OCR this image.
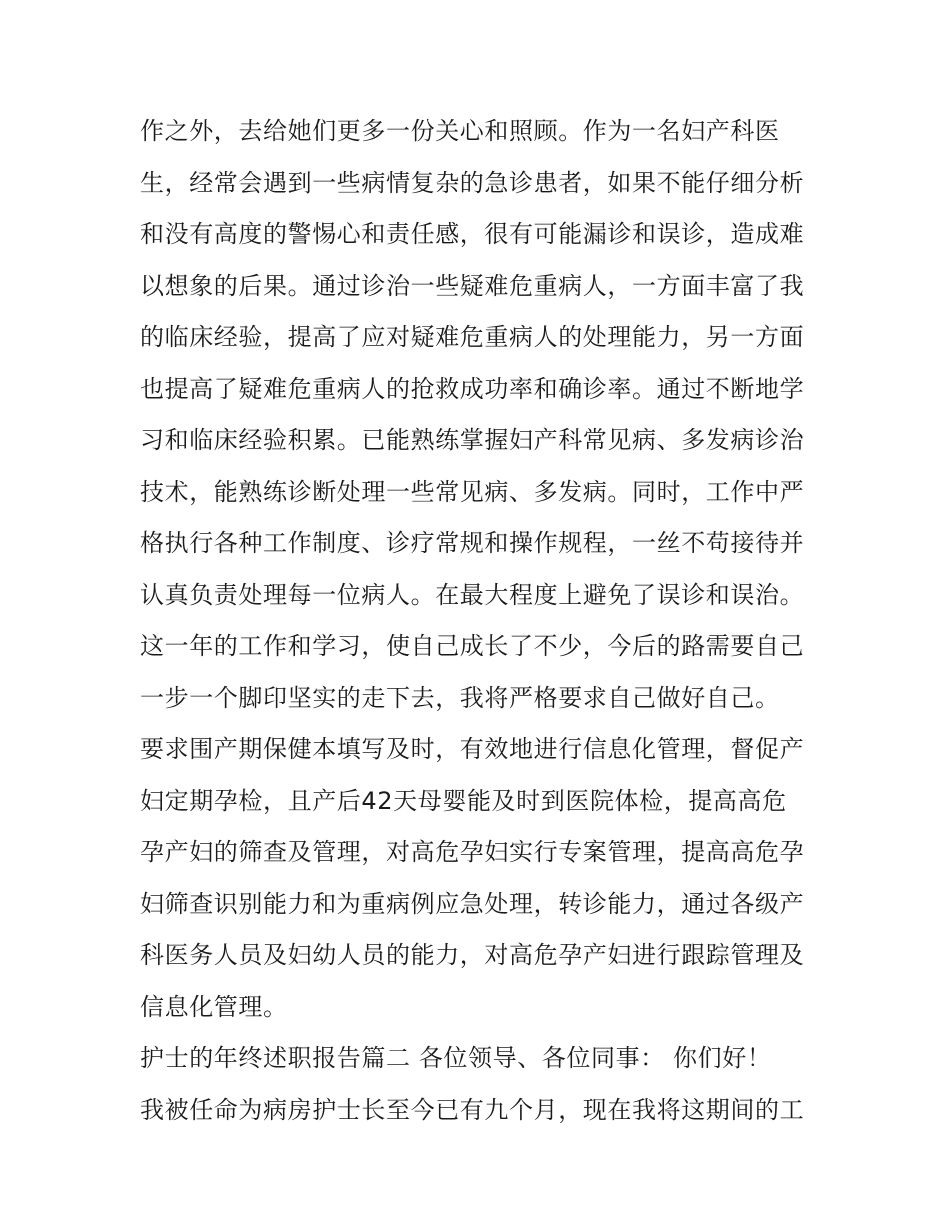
作之外，去给她们更多一份关心和照顾。作为一名妇产科医
生，经常会遇到一些病情复杂的急诊患者，如果不能仔细分析
和没有高度的警惕心和责任感，很有可能漏诊和误诊，造成难
以想象的后果。通过诊治一些疑难危重病人，一方面丰富了我
的临床经验，提高了应对疑难危重病人的处理能力，另一方面
也提高了疑难危重病人的抢救成功率和确诊率。通过不断地学
习和临床经验积累。已能熟练掌握妇产科常见病、多发病诊治
技术，能熟练诊断处理一些常见病、多发病。同时，工作中严
格执行各种工作制度、诊疗常规和操作规程，一丝不苟接待并
认真负责处理每一位病人。在最大程度上避免了误诊和误治。
这一年的工作和学习，使自己成长了不少，今后的路需要自己
一步一个脚印坚实的走下去，我将严格要求自己做好自己。
要求围产期保健本填写及时，有效地进行信息化管理，督促产
妇定期孕检，且产后42天母婴能及时到医院体检，提高高危
孕产妇的筛查及管理，对高危孕妇实行专案管理，提高高危孕
妇筛查识别能力和为重病例应急处理，转诊能力，通过各级产
科医务人员及妇幼人员的能力，对高危孕产妇进行跟踪管理及
信息化管理。
护士的年终述职报告篇二 各位领导、各位同事： 你们好！
我被任命为病房护士长至今已有九个月，现在我将这期间的工
